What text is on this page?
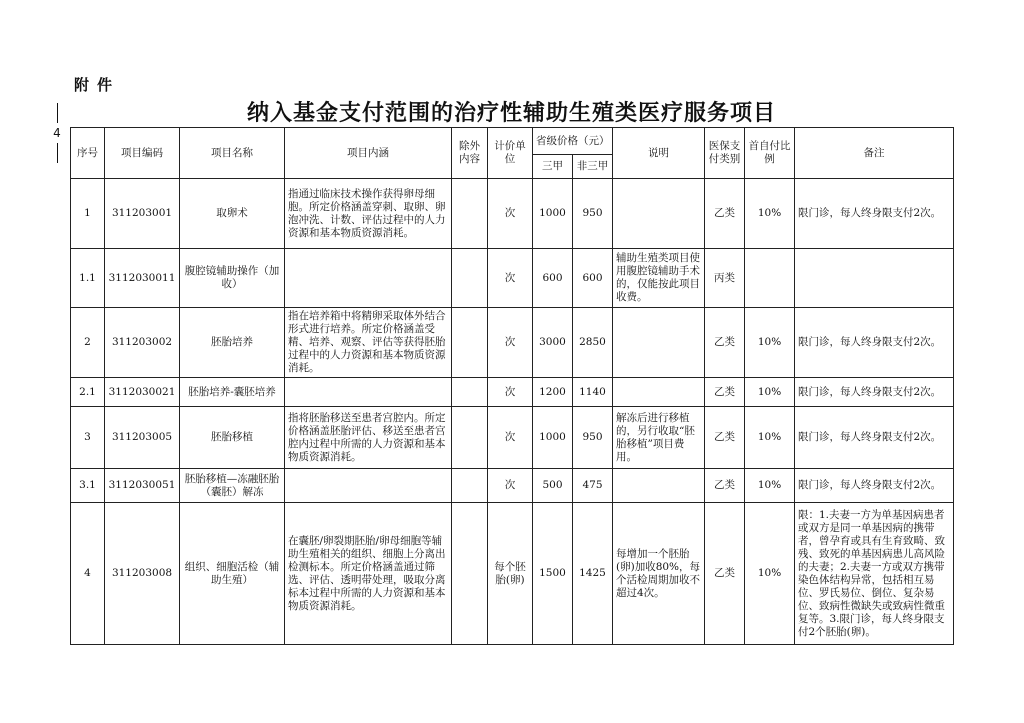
附件
4
纳入基金支付范围的治疗性辅助生殖类医疗服务项目
序号	项目编码	项目名称	项目内涵	除外内容	计价单位	省级价格（元）		说明	医保支付类别	首自付比例	备注
						三甲	非三甲				
1	311203001	取卵术	指通过临床技术操作获得卵母细胞。所定价格涵盖穿刺、取卵、卵泡冲洗、计数、评估过程中的人力资源和基本物质资源消耗。		次	1000	950		乙类	10%	限门诊，每人终身限支付2次。
1.1	3112030011	腹腔镜辅助操作（加收）			次	600	600	辅助生殖类项目使用腹腔镜辅助手术的，仅能按此项目收费。	丙类		
2	311203002	胚胎培养	指在培养箱中将精卵采取体外结合形式进行培养。所定价格涵盖受精、培养、观察、评估等获得胚胎过程中的人力资源和基本物质资源消耗。		次	3000	2850		乙类	10%	限门诊，每人终身限支付2次。
2.1	3112030021	胚胎培养-囊胚培养			次	1200	1140		乙类	10%	限门诊，每人终身限支付2次。
3	311203005	胚胎移植	指将胚胎移送至患者宫腔内。所定价格涵盖胚胎评估、移送至患者宫腔内过程中所需的人力资源和基本物质资源消耗。		次	1000	950	解冻后进行移植的，另行收取“胚胎移植”项目费用。	乙类	10%	限门诊，每人终身限支付2次。
3.1	3112030051	胚胎移植—冻融胚胎（囊胚）解冻			次	500	475		乙类	10%	限门诊，每人终身限支付2次。
4	311203008	组织、细胞活检（辅助生殖）	在囊胚/卵裂期胚胎/卵母细胞等辅助生殖相关的组织、细胞上分离出检测标本。所定价格涵盖通过筛选、评估、透明带处理，吸取分离标本过程中所需的人力资源和基本物质资源消耗。		每个胚胎(卵)	1500	1425	每增加一个胚胎(卵)加收80%，每个活检周期加收不超过4次。	乙类	10%	限：1.夫妻一方为单基因病患者或双方是同一单基因病的携带者，曾孕育或具有生育致畸、致残、致死的单基因病患儿高风险的夫妻；2.夫妻一方或双方携带染色体结构异常，包括相互易位、罗氏易位、倒位、复杂易位、致病性微缺失或致病性微重复等。3.限门诊，每人终身限支付2个胚胎(卵)。
